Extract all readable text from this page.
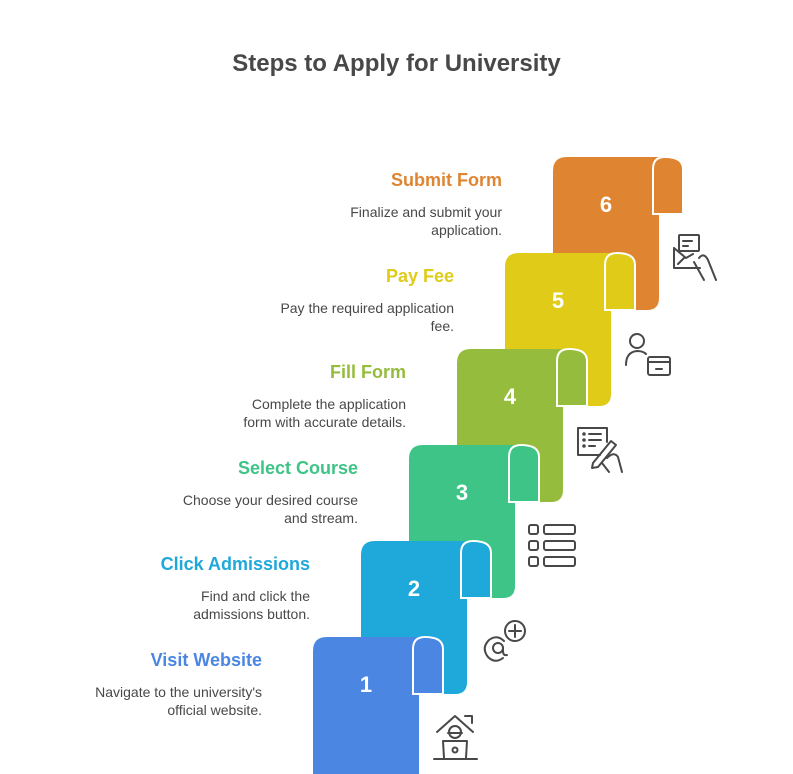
Steps to Apply for University
6
5
4
3
2
1
Submit Form
Finalize and submit your
application.
Pay Fee
Pay the required application
fee.
Fill Form
Complete the application
form with accurate details.
Select Course
Choose your desired course
and stream.
Click Admissions
Find and click the
admissions button.
Visit Website
Navigate to the university's
official website.
